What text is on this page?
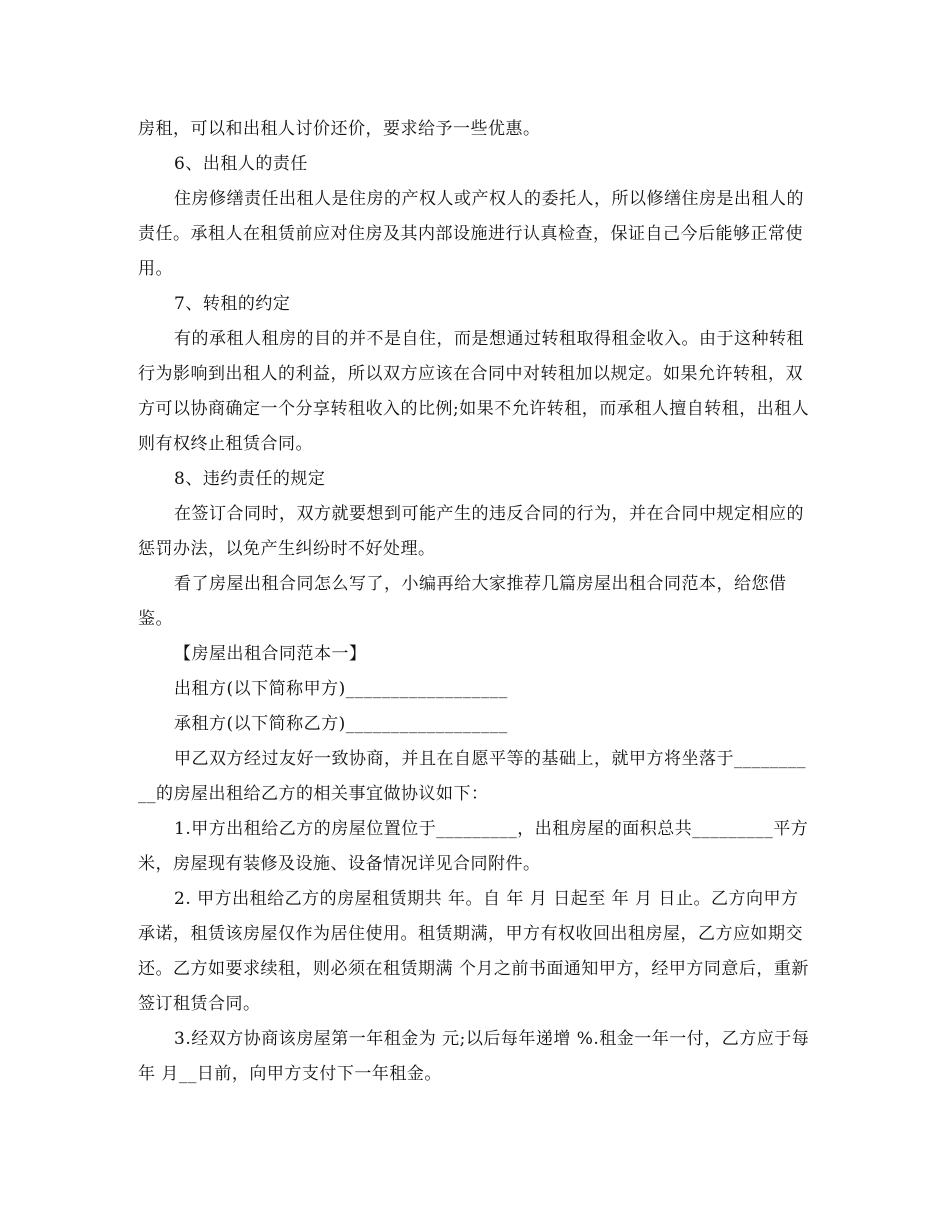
房租，可以和出租人讨价还价，要求给予一些优惠。

6、出租人的责任

住房修缮责任出租人是住房的产权人或产权人的委托人，所以修缮住房是出租人的责任。承租人在租赁前应对住房及其内部设施进行认真检查，保证自己今后能够正常使用。

7、转租的约定

有的承租人租房的目的并不是自住，而是想通过转租取得租金收入。由于这种转租行为影响到出租人的利益，所以双方应该在合同中对转租加以规定。如果允许转租，双方可以协商确定一个分享转租收入的比例;如果不允许转租，而承租人擅自转租，出租人则有权终止租赁合同。

8、违约责任的规定

在签订合同时，双方就要想到可能产生的违反合同的行为，并在合同中规定相应的惩罚办法，以免产生纠纷时不好处理。

看了房屋出租合同怎么写了，小编再给大家推荐几篇房屋出租合同范本，给您借鉴。

【房屋出租合同范本一】

出租方(以下简称甲方)__________________

承租方(以下简称乙方)__________________

甲乙双方经过友好一致协商，并且在自愿平等的基础上，就甲方将坐落于__________的房屋出租给乙方的相关事宜做协议如下：

1.甲方出租给乙方的房屋位置位于_________，出租房屋的面积总共_________平方米，房屋现有装修及设施、设备情况详见合同附件。

2. 甲方出租给乙方的房屋租赁期共 年。自 年 月 日起至 年 月 日止。乙方向甲方承诺，租赁该房屋仅作为居住使用。租赁期满，甲方有权收回出租房屋，乙方应如期交还。乙方如要求续租，则必须在租赁期满 个月之前书面通知甲方，经甲方同意后，重新签订租赁合同。

3.经双方协商该房屋第一年租金为 元;以后每年递增 %.租金一年一付，乙方应于每年 月__日前，向甲方支付下一年租金。
